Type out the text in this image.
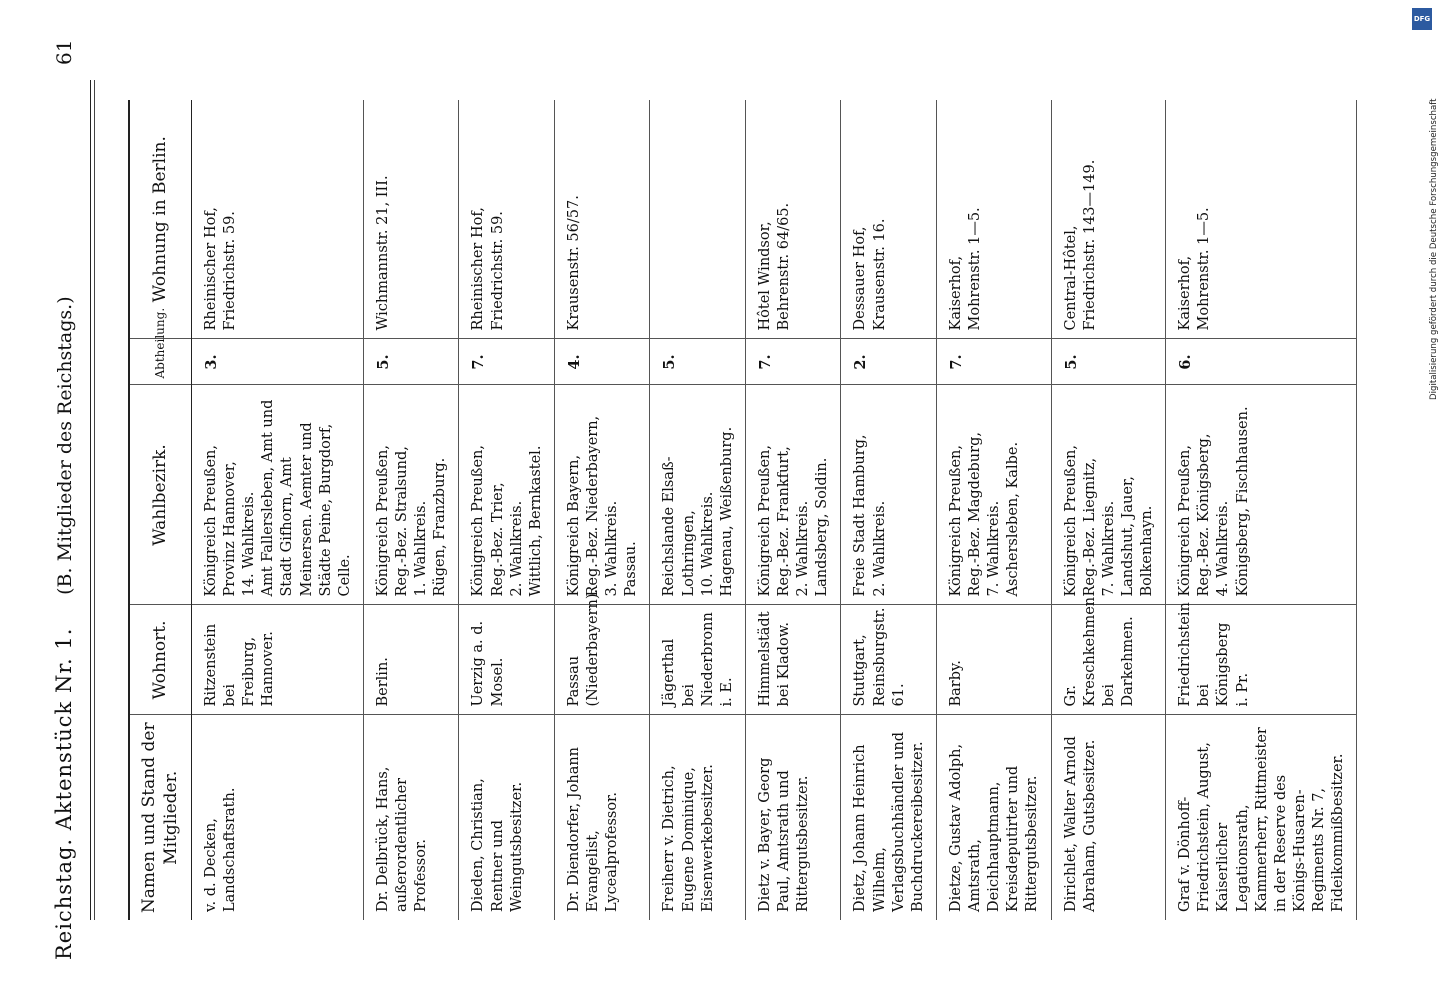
Reichstag. Aktenstück Nr. 1. (B. Mitglieder des Reichstags.)
61
Namen und Stand der Mitglieder.	Wohnort.	Wahlbezirk.	Abtheilung.	Wohnung in Berlin.
v. d. Decken, Landschaftsrath.	Ritzenstein bei Freiburg, Hannover.	Königreich Preußen,
Provinz Hannover,
14. Wahlkreis.
Amt Fallersleben, Amt und Stadt Gifhorn, Amt Meinersen. Aemter und Städte Peine, Burgdorf, Celle.	3.	Rheinischer Hof,
Friedrichstr. 59.
Dr. Delbrück, Hans, außerordentlicher Professor.	Berlin.	Königreich Preußen,
Reg.-Bez. Stralsund,
1. Wahlkreis.
Rügen, Franzburg.	5.	Wichmannstr. 21, III.
Dieden, Christian, Rentner und Weingutsbesitzer.	Uerzig a. d. Mosel.	Königreich Preußen,
Reg.-Bez. Trier,
2. Wahlkreis.
Wittlich, Bernkastel.	7.	Rheinischer Hof,
Friedrichstr. 59.
Dr. Diendorfer, Johann Evangelist, Lycealprofessor.	Passau (Niederbayern).	Königreich Bayern,
Reg.-Bez. Niederbayern,
3. Wahlkreis.
Passau.	4.	Krausenstr. 56/57.
Freiherr v. Dietrich, Eugene Dominique, Eisenwerkebesitzer.	Jägerthal bei Niederbronn i. E.	Reichslande Elsaß-Lothringen,
10. Wahlkreis.
Hagenau, Weißenburg.	5.	
Dietz v. Bayer, Georg Paul, Amtsrath und Rittergutsbesitzer.	Himmelstädt bei Kladow.	Königreich Preußen,
Reg.-Bez. Frankfurt,
2. Wahlkreis.
Landsberg, Soldin.	7.	Hôtel Windsor,
Behrenstr. 64/65.
Dietz, Johann Heinrich Wilhelm, Verlagsbuchhändler und Buchdruckereibesitzer.	Stuttgart, Reinsburgstr. 61.	Freie Stadt Hamburg,
2. Wahlkreis.	2.	Dessauer Hof,
Krausenstr. 16.
Dietze, Gustav Adolph, Amtsrath, Deichhauptmann, Kreisdeputirter und Rittergutsbesitzer.	Barby.	Königreich Preußen,
Reg.-Bez. Magdeburg,
7. Wahlkreis.
Aschersleben, Kalbe.	7.	Kaiserhof,
Mohrenstr. 1—5.
Dirichlet, Walter Arnold Abraham, Gutsbesitzer.	Gr. Kreschkehmen bei Darkehmen.	Königreich Preußen,
Reg.-Bez. Liegnitz,
7. Wahlkreis.
Landshut, Jauer, Bolkenhayn.	5.	Central-Hôtel,
Friedrichstr. 143—149.
Graf v. Dönhoff-Friedrichstein, August, Kaiserlicher Legationsrath, Kammerherr, Rittmeister in der Reserve des Königs-Husaren-Regiments Nr. 7, Fideikommißbesitzer.	Friedrichstein bei Königsberg i. Pr.	Königreich Preußen,
Reg.-Bez. Königsberg,
4. Wahlkreis.
Königsberg, Fischhausen.	6.	Kaiserhof,
Mohrenstr. 1—5.
DFG
Digitalisierung gefördert durch die Deutsche Forschungsgemeinschaft
